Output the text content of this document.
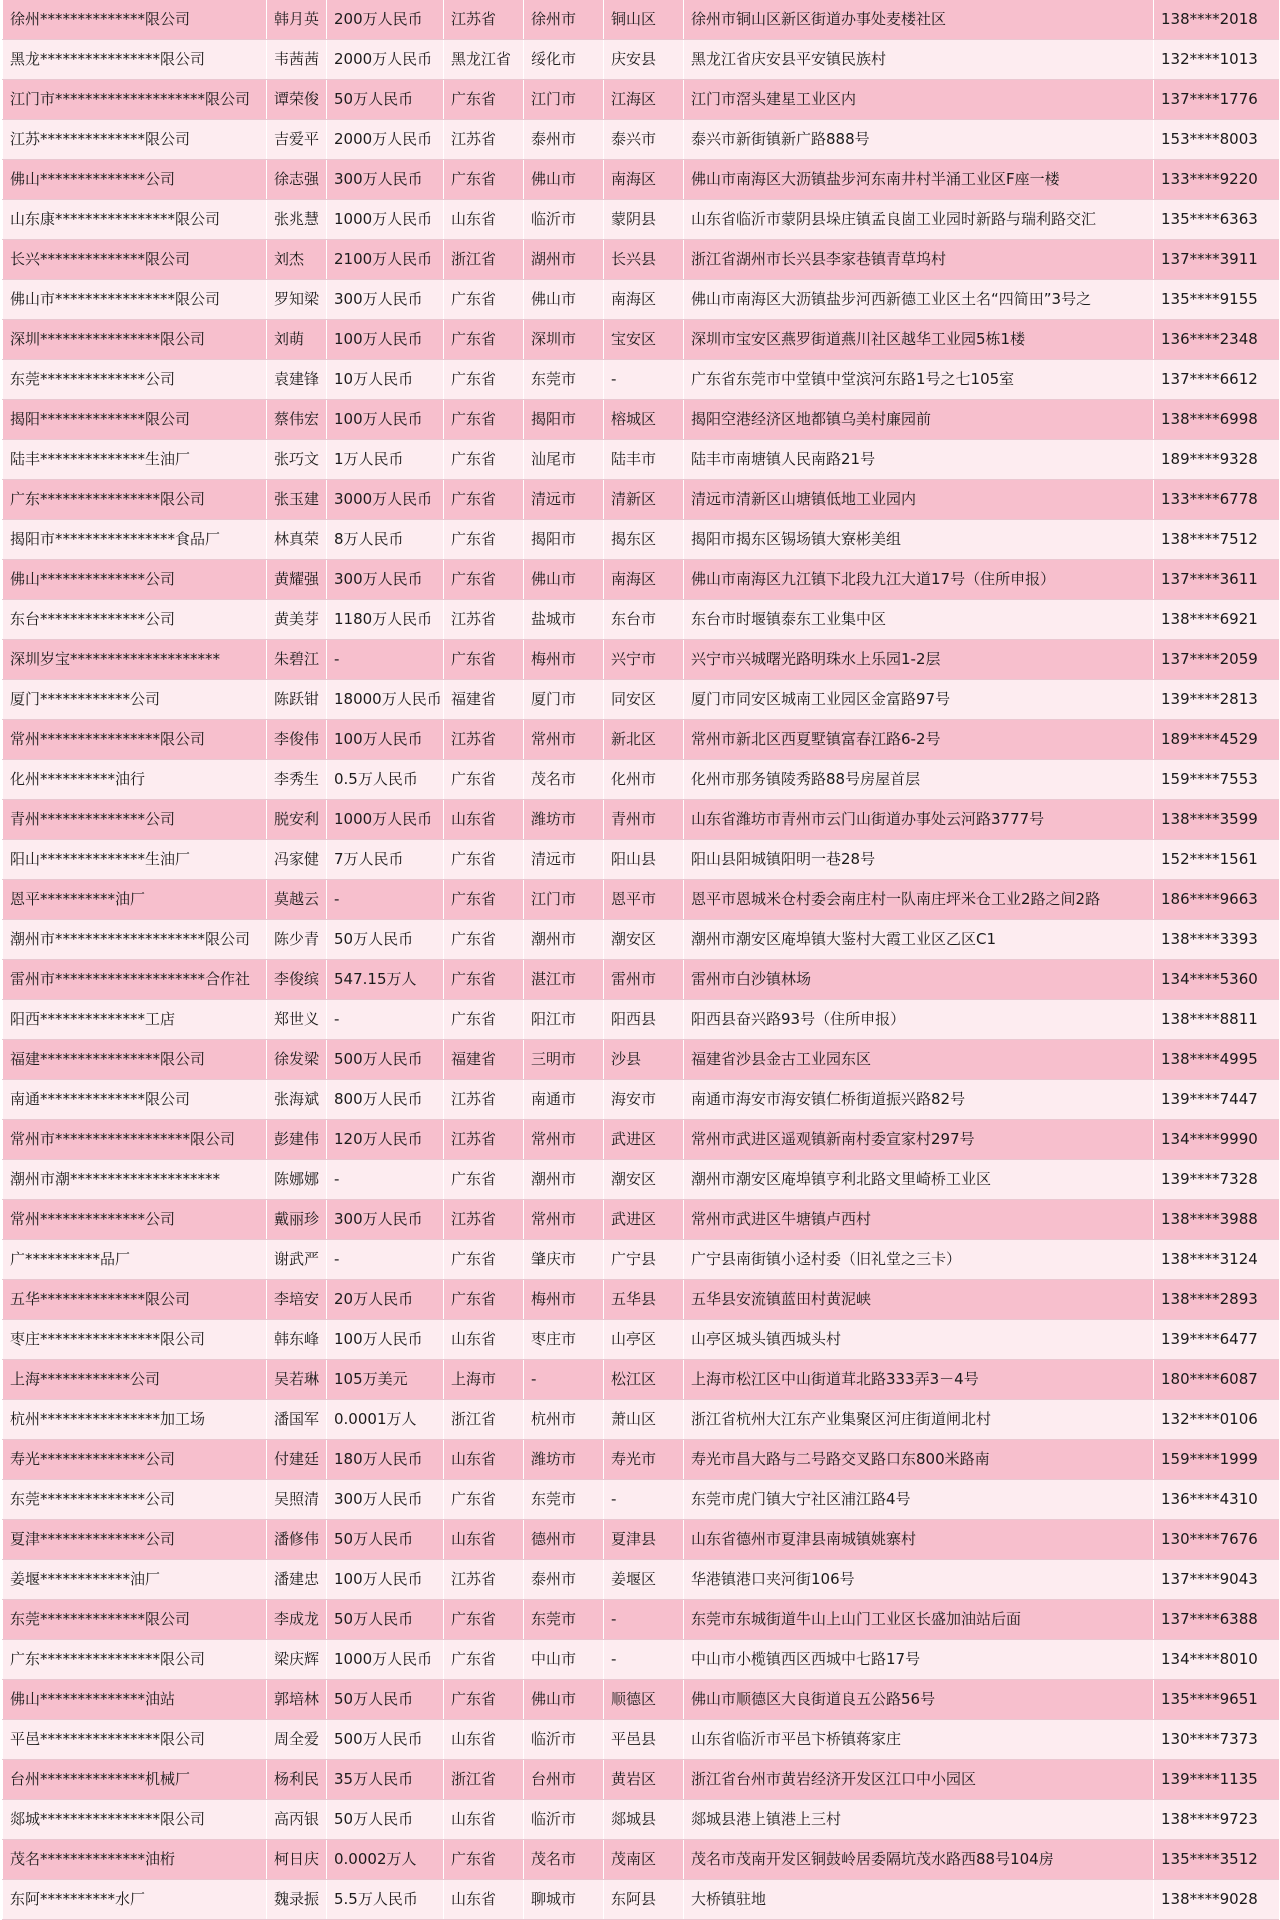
徐州**************限公司	韩月英	200万人民币	江苏省	徐州市	铜山区	徐州市铜山区新区街道办事处麦楼社区	138****2018
黑龙****************限公司	韦茜茜	2000万人民币	黑龙江省	绥化市	庆安县	黑龙江省庆安县平安镇民族村	132****1013
江门市********************限公司	谭荣俊	50万人民币	广东省	江门市	江海区	江门市滘头建星工业区内	137****1776
江苏**************限公司	吉爱平	2000万人民币	江苏省	泰州市	泰兴市	泰兴市新街镇新广路888号	153****8003
佛山**************公司	徐志强	300万人民币	广东省	佛山市	南海区	佛山市南海区大沥镇盐步河东南井村半涌工业区F座一楼	133****9220
山东康****************限公司	张兆慧	1000万人民币	山东省	临沂市	蒙阴县	山东省临沂市蒙阴县垛庄镇孟良崮工业园时新路与瑞利路交汇	135****6363
长兴**************限公司	刘杰	2100万人民币	浙江省	湖州市	长兴县	浙江省湖州市长兴县李家巷镇青草坞村	137****3911
佛山市****************限公司	罗知梁	300万人民币	广东省	佛山市	南海区	佛山市南海区大沥镇盐步河西新德工业区土名“四简田”3号之	135****9155
深圳****************限公司	刘萌	100万人民币	广东省	深圳市	宝安区	深圳市宝安区燕罗街道燕川社区越华工业园5栋1楼	136****2348
东莞**************公司	袁建锋	10万人民币	广东省	东莞市	-	广东省东莞市中堂镇中堂滨河东路1号之七105室	137****6612
揭阳**************限公司	蔡伟宏	100万人民币	广东省	揭阳市	榕城区	揭阳空港经济区地都镇乌美村廉园前	138****6998
陆丰**************生油厂	张巧文	1万人民币	广东省	汕尾市	陆丰市	陆丰市南塘镇人民南路21号	189****9328
广东****************限公司	张玉建	3000万人民币	广东省	清远市	清新区	清远市清新区山塘镇低地工业园内	133****6778
揭阳市****************食品厂	林真荣	8万人民币	广东省	揭阳市	揭东区	揭阳市揭东区锡场镇大寮彬美组	138****7512
佛山**************公司	黄耀强	300万人民币	广东省	佛山市	南海区	佛山市南海区九江镇下北段九江大道17号（住所申报）	137****3611
东台**************公司	黄美芽	1180万人民币	江苏省	盐城市	东台市	东台市时堰镇泰东工业集中区	138****6921
深圳岁宝********************	朱碧江	-	广东省	梅州市	兴宁市	兴宁市兴城曙光路明珠水上乐园1-2层	137****2059
厦门************公司	陈跃钳	18000万人民币	福建省	厦门市	同安区	厦门市同安区城南工业园区金富路97号	139****2813
常州****************限公司	李俊伟	100万人民币	江苏省	常州市	新北区	常州市新北区西夏墅镇富春江路6-2号	189****4529
化州**********油行	李秀生	0.5万人民币	广东省	茂名市	化州市	化州市那务镇陵秀路88号房屋首层	159****7553
青州**************公司	脱安利	1000万人民币	山东省	潍坊市	青州市	山东省潍坊市青州市云门山街道办事处云河路3777号	138****3599
阳山**************生油厂	冯家健	7万人民币	广东省	清远市	阳山县	阳山县阳城镇阳明一巷28号	152****1561
恩平**********油厂	莫越云	-	广东省	江门市	恩平市	恩平市恩城米仓村委会南庄村一队南庄坪米仓工业2路之间2路	186****9663
潮州市********************限公司	陈少青	50万人民币	广东省	潮州市	潮安区	潮州市潮安区庵埠镇大鉴村大霞工业区乙区C1	138****3393
雷州市********************合作社	李俊缤	547.15万人	广东省	湛江市	雷州市	雷州市白沙镇林场	134****5360
阳西**************工店	郑世义	-	广东省	阳江市	阳西县	阳西县奋兴路93号（住所申报）	138****8811
福建****************限公司	徐发梁	500万人民币	福建省	三明市	沙县	福建省沙县金古工业园东区	138****4995
南通**************限公司	张海斌	800万人民币	江苏省	南通市	海安市	南通市海安市海安镇仁桥街道振兴路82号	139****7447
常州市******************限公司	彭建伟	120万人民币	江苏省	常州市	武进区	常州市武进区遥观镇新南村委宣家村297号	134****9990
潮州市潮********************	陈娜娜	-	广东省	潮州市	潮安区	潮州市潮安区庵埠镇亨利北路文里崎桥工业区	139****7328
常州**************公司	戴丽珍	300万人民币	江苏省	常州市	武进区	常州市武进区牛塘镇卢西村	138****3988
广**********品厂	谢武严	-	广东省	肇庆市	广宁县	广宁县南街镇小迳村委（旧礼堂之三卡）	138****3124
五华**************限公司	李培安	20万人民币	广东省	梅州市	五华县	五华县安流镇蓝田村黄泥峡	138****2893
枣庄****************限公司	韩东峰	100万人民币	山东省	枣庄市	山亭区	山亭区城头镇西城头村	139****6477
上海************公司	吴若琳	105万美元	上海市	-	松江区	上海市松江区中山街道茸北路333弄3－4号	180****6087
杭州****************加工场	潘国军	0.0001万人	浙江省	杭州市	萧山区	浙江省杭州大江东产业集聚区河庄街道闸北村	132****0106
寿光**************公司	付建廷	180万人民币	山东省	潍坊市	寿光市	寿光市昌大路与二号路交叉路口东800米路南	159****1999
东莞**************公司	吴照清	300万人民币	广东省	东莞市	-	东莞市虎门镇大宁社区浦江路4号	136****4310
夏津**************公司	潘修伟	50万人民币	山东省	德州市	夏津县	山东省德州市夏津县南城镇姚寨村	130****7676
姜堰************油厂	潘建忠	100万人民币	江苏省	泰州市	姜堰区	华港镇港口夹河街106号	137****9043
东莞**************限公司	李成龙	50万人民币	广东省	东莞市	-	东莞市东城街道牛山上山门工业区长盛加油站后面	137****6388
广东****************限公司	梁庆辉	1000万人民币	广东省	中山市	-	中山市小榄镇西区西城中七路17号	134****8010
佛山**************油站	郭培林	50万人民币	广东省	佛山市	顺德区	佛山市顺德区大良街道良五公路56号	135****9651
平邑****************限公司	周全爱	500万人民币	山东省	临沂市	平邑县	山东省临沂市平邑卞桥镇蒋家庄	130****7373
台州**************机械厂	杨利民	35万人民币	浙江省	台州市	黄岩区	浙江省台州市黄岩经济开发区江口中小园区	139****1135
郯城****************限公司	高丙银	50万人民币	山东省	临沂市	郯城县	郯城县港上镇港上三村	138****9723
茂名**************油桁	柯日庆	0.0002万人	广东省	茂名市	茂南区	茂名市茂南开发区铜鼓岭居委隔坑茂水路西88号104房	135****3512
东阿**********水厂	魏录振	5.5万人民币	山东省	聊城市	东阿县	大桥镇驻地	138****9028
